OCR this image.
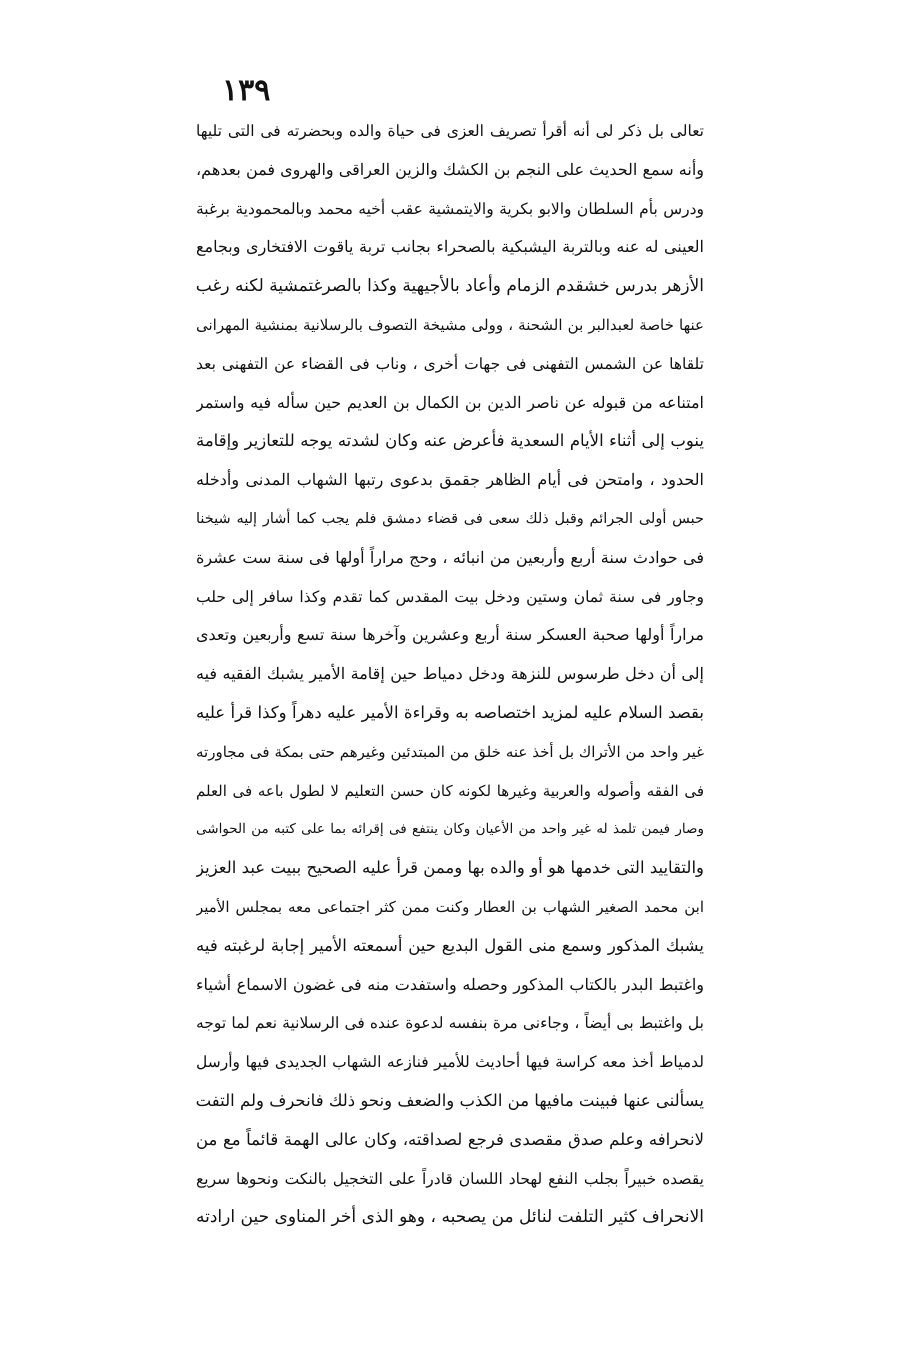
١٣٩
تعالى بل ذكر لى أنه أقرأ تصريف العزى فى حياة والده وبحضرته فى التى تليها
وأنه سمع الحديث على النجم بن الكشك والزين العراقى والهروى فمن بعدهم،
ودرس بأم السلطان والابو بكرية والايتمشية عقب أخيه محمد وبالمحمودية برغبة
العينى له عنه وبالتربة اليشبكية بالصحراء بجانب تربة ياقوت الافتخارى وبجامع
الأزهر بدرس خشقدم الزمام وأعاد بالأجيهية وكذا بالصرغتمشية لكنه رغب
عنها خاصة لعبدالبر بن الشحنة ، وولى مشيخة التصوف بالرسلانية بمنشية المهرانى
تلقاها عن الشمس التفهنى فى جهات أخرى ، وناب فى القضاء عن التفهنى بعد
امتناعه من قبوله عن ناصر الدين بن الكمال بن العديم حين سأله فيه واستمر
ينوب إلى أثناء الأيام السعدية فأعرض عنه وكان لشدته يوجه للتعازير وإقامة
الحدود ، وامتحن فى أيام الظاهر جقمق بدعوى رتبها الشهاب المدنى وأدخله
حبس أولى الجرائم وقبل ذلك سعى فى قضاء دمشق فلم يجب كما أشار إليه شيخنا
فى حوادث سنة أربع وأربعين من انبائه ، وحج مراراً أولها فى سنة ست عشرة
وجاور فى سنة ثمان وستين ودخل بيت المقدس كما تقدم وكذا سافر إلى حلب
مراراً أولها صحبة العسكر سنة أربع وعشرين وآخرها سنة تسع وأربعين وتعدى
إلى أن دخل طرسوس للنزهة ودخل دمياط حين إقامة الأمير يشبك الفقيه فيه
بقصد السلام عليه لمزيد اختصاصه به وقراءة الأمير عليه دهراً وكذا قرأ عليه
غير واحد من الأتراك بل أخذ عنه خلق من المبتدئين وغيرهم حتى بمكة فى مجاورته
فى الفقه وأصوله والعربية وغيرها لكونه كان حسن التعليم لا لطول باعه فى العلم
وصار فيمن تلمذ له غير واحد من الأعيان وكان ينتفع فى إقرائه بما على كتبه من الحواشى
والتقاييد التى خدمها هو أو والده بها وممن قرأ عليه الصحيح ببيت عبد العزيز
ابن محمد الصغير الشهاب بن العطار وكنت ممن كثر اجتماعى معه بمجلس الأمير
يشبك المذكور وسمع منى القول البديع حين أسمعته الأمير إجابة لرغبته فيه
واغتبط البدر بالكتاب المذكور وحصله واستفدت منه فى غضون الاسماع أشياء
بل واغتبط بى أيضاً ، وجاءنى مرة بنفسه لدعوة عنده فى الرسلانية نعم لما توجه
لدمياط أخذ معه كراسة فيها أحاديث للأمير فنازعه الشهاب الجديدى فيها وأرسل
يسألنى عنها فبينت مافيها من الكذب والضعف ونحو ذلك فانحرف ولم التفت
لانحرافه وعلم صدق مقصدى فرجع لصداقته، وكان عالى الهمة قائماً مع من
يقصده خبيراً بجلب النفع لهحاد اللسان قادراً على التخجيل بالنكت ونحوها سريع
الانحراف كثير التلفت لنائل من يصحبه ، وهو الذى أخر المناوى حين ارادته
